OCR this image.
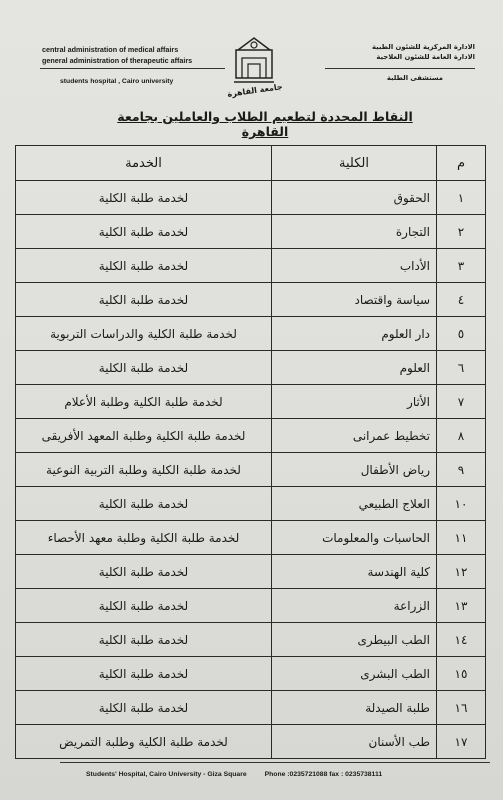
central administration of medical affairs
general administration of therapeutic affairs
students hospital , Cairo university
جامعة القاهرة
الادارة المركزية للشئون الطبية
الادارة العامة للشئون العلاجية
مستشفى الطلبة
النقاط المحددة لتطعيم الطلاب والعاملين بجامعة القاهرة
م	الكلية	الخدمة
١	الحقوق	لخدمة طلبة الكلية
٢	التجارة	لخدمة طلبة الكلية
٣	الأداب	لخدمة طلبة الكلية
٤	سياسة واقتصاد	لخدمة طلبة الكلية
٥	دار العلوم	لخدمة طلبة الكلية والدراسات التربوية
٦	العلوم	لخدمة طلبة الكلية
٧	الأثار	لخدمة طلبة الكلية وطلبة الأعلام
٨	تخطيط عمرانى	لخدمة طلبة الكلية وطلبة المعهد الأفريقى
٩	رياض الأطفال	لخدمة طلبة الكلية وطلبة التربية النوعية
١٠	العلاج الطبيعي	لخدمة طلبة الكلية
١١	الحاسبات والمعلومات	لخدمة طلبة الكلية وطلبة معهد الأحصاء
١٢	كلية الهندسة	لخدمة طلبة الكلية
١٣	الزراعة	لخدمة طلبة الكلية
١٤	الطب البيطرى	لخدمة طلبة الكلية
١٥	الطب البشرى	لخدمة طلبة الكلية
١٦	طلبة الصيدلة	لخدمة طلبة الكلية
١٧	طب الأسنان	لخدمة طلبة الكلية وطلبة التمريض
Students' Hospital, Cairo University - Giza Square	Phone :0235721088 fax : 0235738111
